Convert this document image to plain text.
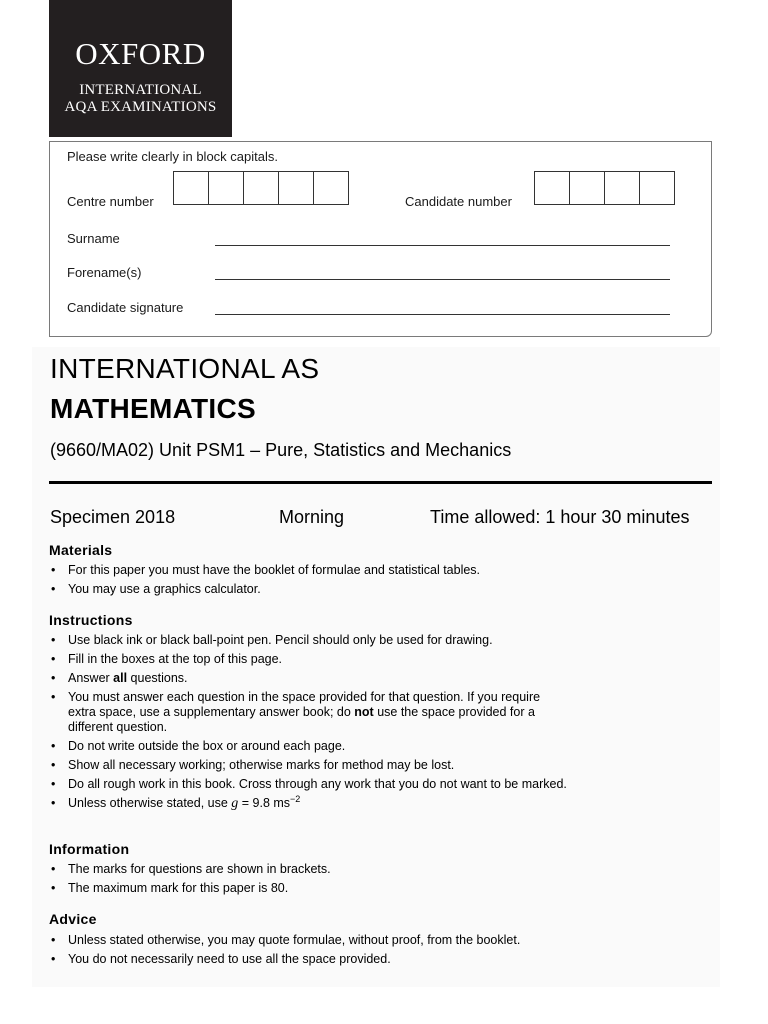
OXFORD
INTERNATIONAL
AQA EXAMINATIONS
Please write clearly in block capitals.
Centre number	Candidate number
Surname
Forename(s)
Candidate signature
INTERNATIONAL AS
MATHEMATICS
(9660/MA02) Unit PSM1 – Pure, Statistics and Mechanics
Specimen 2018	Morning	Time allowed: 1 hour 30 minutes
Materials
• For this paper you must have the booklet of formulae and statistical tables.
• You may use a graphics calculator.
Instructions
• Use black ink or black ball-point pen. Pencil should only be used for drawing.
• Fill in the boxes at the top of this page.
• Answer all questions.
• You must answer each question in the space provided for that question. If you require extra space, use a supplementary answer book; do not use the space provided for a different question.
• Do not write outside the box or around each page.
• Show all necessary working; otherwise marks for method may be lost.
• Do all rough work in this book. Cross through any work that you do not want to be marked.
• Unless otherwise stated, use g = 9.8 $ms^{-2}$
Information
• The marks for questions are shown in brackets.
• The maximum mark for this paper is 80.
Advice
• Unless stated otherwise, you may quote formulae, without proof, from the booklet.
• You do not necessarily need to use all the space provided.
